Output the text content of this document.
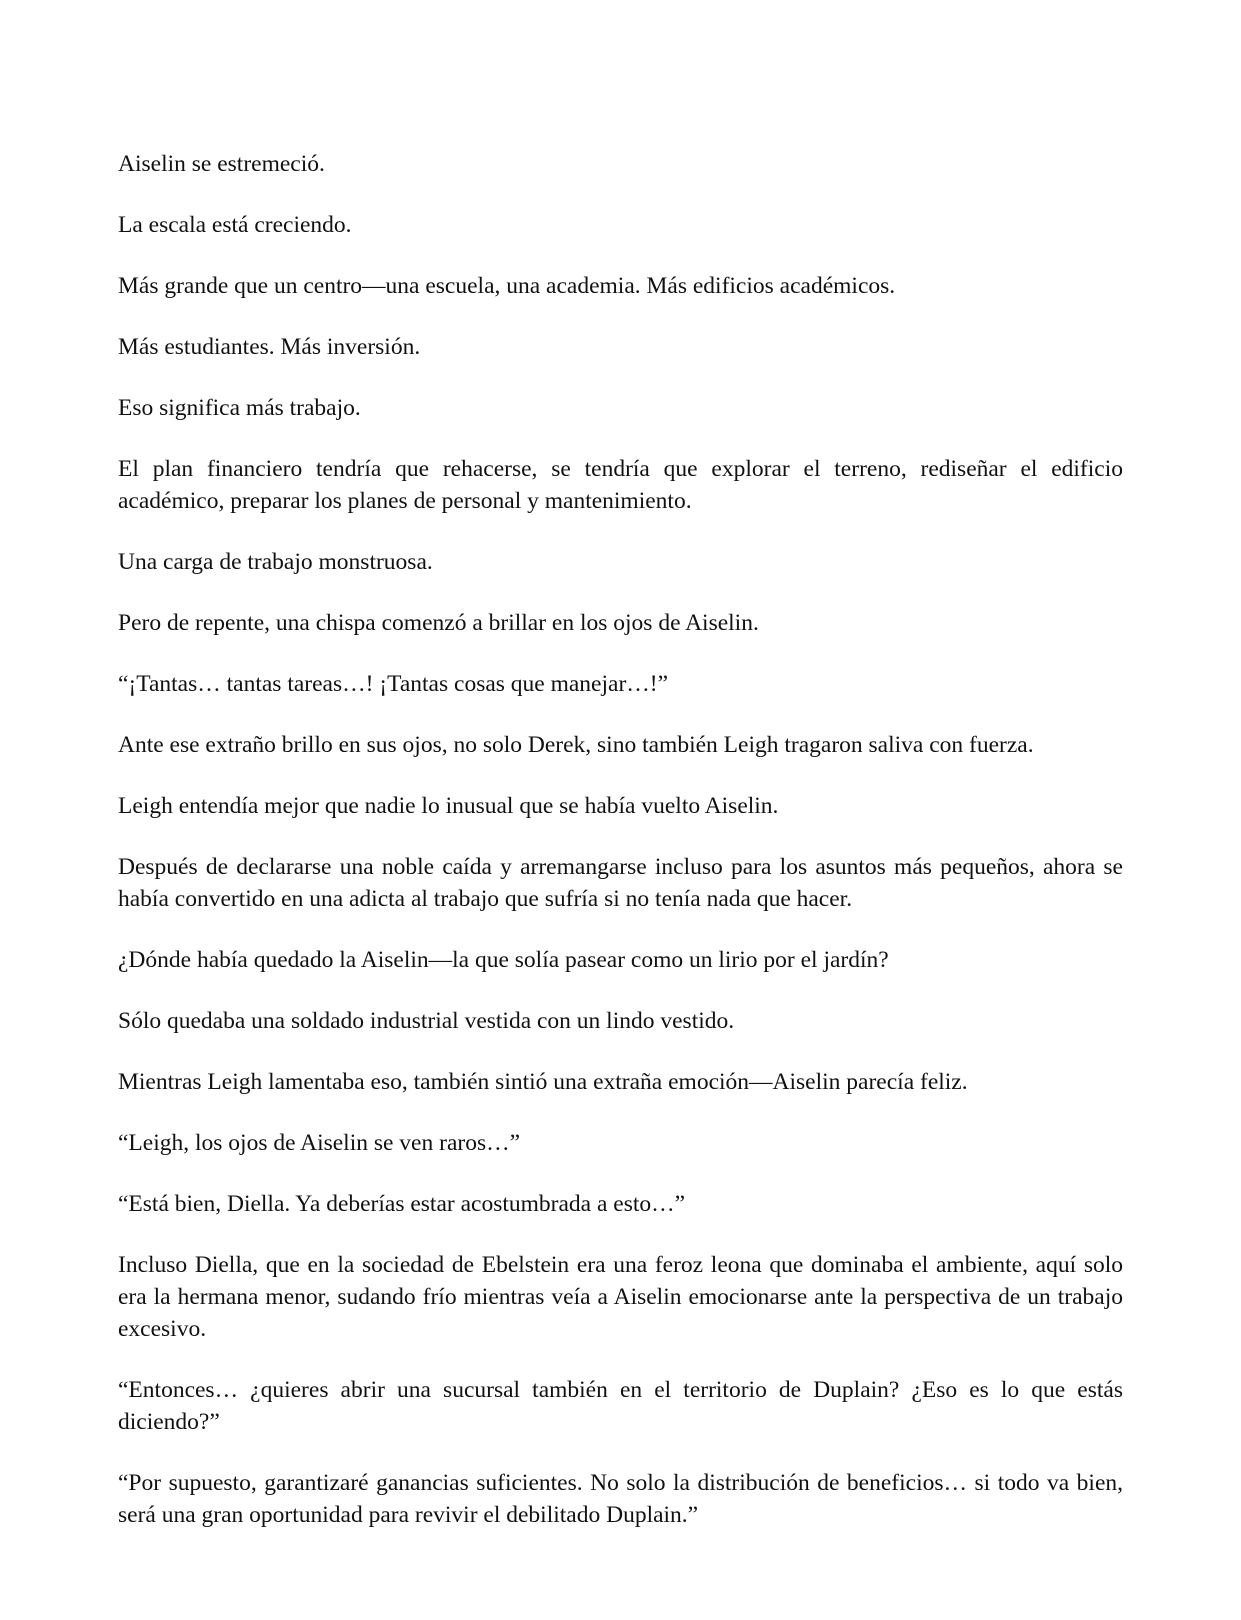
Aiselin se estremeció.

La escala está creciendo.

Más grande que un centro—una escuela, una academia. Más edificios académicos.

Más estudiantes. Más inversión.

Eso significa más trabajo.

El plan financiero tendría que rehacerse, se tendría que explorar el terreno, rediseñar el edificio académico, preparar los planes de personal y mantenimiento.

Una carga de trabajo monstruosa.

Pero de repente, una chispa comenzó a brillar en los ojos de Aiselin.

“¡Tantas… tantas tareas…! ¡Tantas cosas que manejar…!”

Ante ese extraño brillo en sus ojos, no solo Derek, sino también Leigh tragaron saliva con fuerza.

Leigh entendía mejor que nadie lo inusual que se había vuelto Aiselin.

Después de declararse una noble caída y arremangarse incluso para los asuntos más pequeños, ahora se había convertido en una adicta al trabajo que sufría si no tenía nada que hacer.

¿Dónde había quedado la Aiselin—la que solía pasear como un lirio por el jardín?

Sólo quedaba una soldado industrial vestida con un lindo vestido.

Mientras Leigh lamentaba eso, también sintió una extraña emoción—Aiselin parecía feliz.

“Leigh, los ojos de Aiselin se ven raros…”

“Está bien, Diella. Ya deberías estar acostumbrada a esto…”

Incluso Diella, que en la sociedad de Ebelstein era una feroz leona que dominaba el ambiente, aquí solo era la hermana menor, sudando frío mientras veía a Aiselin emocionarse ante la perspectiva de un trabajo excesivo.

“Entonces… ¿quieres abrir una sucursal también en el territorio de Duplain? ¿Eso es lo que estás diciendo?”

“Por supuesto, garantizaré ganancias suficientes. No solo la distribución de beneficios… si todo va bien, será una gran oportunidad para revivir el debilitado Duplain.”
